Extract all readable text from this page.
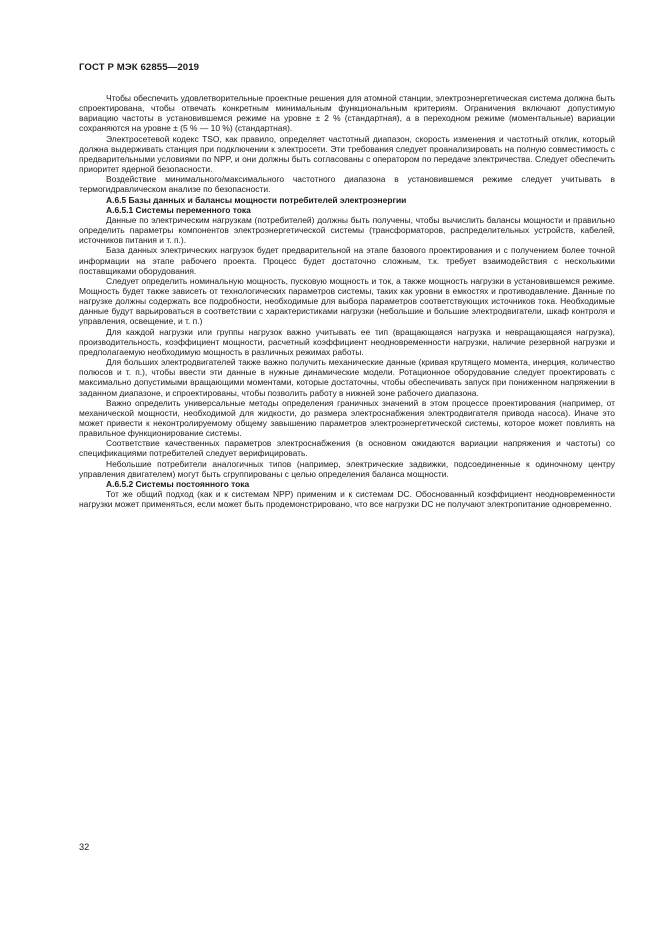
ГОСТ Р МЭК 62855—2019

Чтобы обеспечить удовлетворительные проектные решения для атомной станции, электроэнергетическая система должна быть спроектирована, чтобы отвечать конкретным минимальным функциональным критериям. Ограничения включают допустимую вариацию частоты в установившемся режиме на уровне ± 2 % (стандартная), а в переходном режиме (моментальные) вариации сохраняются на уровне ± (5 % — 10 %) (стандартная).

Электросетевой кодекс TSO, как правило, определяет частотный диапазон, скорость изменения и частотный отклик, который должна выдерживать станция при подключении к электросети. Эти требования следует проанализировать на полную совместимость с предварительными условиями по NPP, и они должны быть согласованы с оператором по передаче электричества. Следует обеспечить приоритет ядерной безопасности.

Воздействие минимального/максимального частотного диапазона в установившемся режиме следует учитывать в термогидравлическом анализе по безопасности.

A.6.5 Базы данных и балансы мощности потребителей электроэнергии
A.6.5.1 Системы переменного тока

Данные по электрическим нагрузкам (потребителей) должны быть получены, чтобы вычислить балансы мощности и правильно определить параметры компонентов электроэнергетической системы (трансформаторов, распределительных устройств, кабелей, источников питания и т. п.).

База данных электрических нагрузок будет предварительной на этапе базового проектирования и с получением более точной информации на этапе рабочего проекта. Процесс будет достаточно сложным, т.к. требует взаимодействия с несколькими поставщиками оборудования.

Следует определить номинальную мощность, пусковую мощность и ток, а также мощность нагрузки в установившемся режиме. Мощность будет также зависеть от технологических параметров системы, таких как уровни в емкостях и противодавление. Данные по нагрузке должны содержать все подробности, необходимые для выбора параметров соответствующих источников тока. Необходимые данные будут варьироваться в соответствии с характеристиками нагрузки (небольшие и большие электродвигатели, шкаф контроля и управления, освещение, и т. п.)

Для каждой нагрузки или группы нагрузок важно учитывать ее тип (вращающаяся нагрузка и невращающаяся нагрузка), производительность, коэффициент мощности, расчетный коэффициент неодновременности нагрузки, наличие резервной нагрузки и предполагаемую необходимую мощность в различных режимах работы.

Для больших электродвигателей также важно получить механические данные (кривая крутящего момента, инерция, количество полюсов и т. п.), чтобы ввести эти данные в нужные динамические модели. Ротационное оборудование следует проектировать с максимально допустимыми вращающими моментами, которые достаточны, чтобы обеспечивать запуск при пониженном напряжении в заданном диапазоне, и спроектированы, чтобы позволить работу в нижней зоне рабочего диапазона.

Важно определить универсальные методы определения граничных значений в этом процессе проектирования (например, от механической мощности, необходимой для жидкости, до размера электроснабжения электродвигателя привода насоса). Иначе это может привести к неконтролируемому общему завышению параметров электроэнергетической системы, которое может повлиять на правильное функционирование системы.

Соответствие качественных параметров электроснабжения (в основном ожидаются вариации напряжения и частоты) со спецификациями потребителей следует верифицировать.

Небольшие потребители аналогичных типов (например, электрические задвижки, подсоединенные к одиночному центру управления двигателем) могут быть сгруппированы с целью определения баланса мощности.

A.6.5.2 Системы постоянного тока

Тот же общий подход (как и к системам NPP) применим и к системам DC. Обоснованный коэффициент неодновременности нагрузки может применяться, если может быть продемонстрировано, что все нагрузки DC не получают электропитание одновременно.

32
